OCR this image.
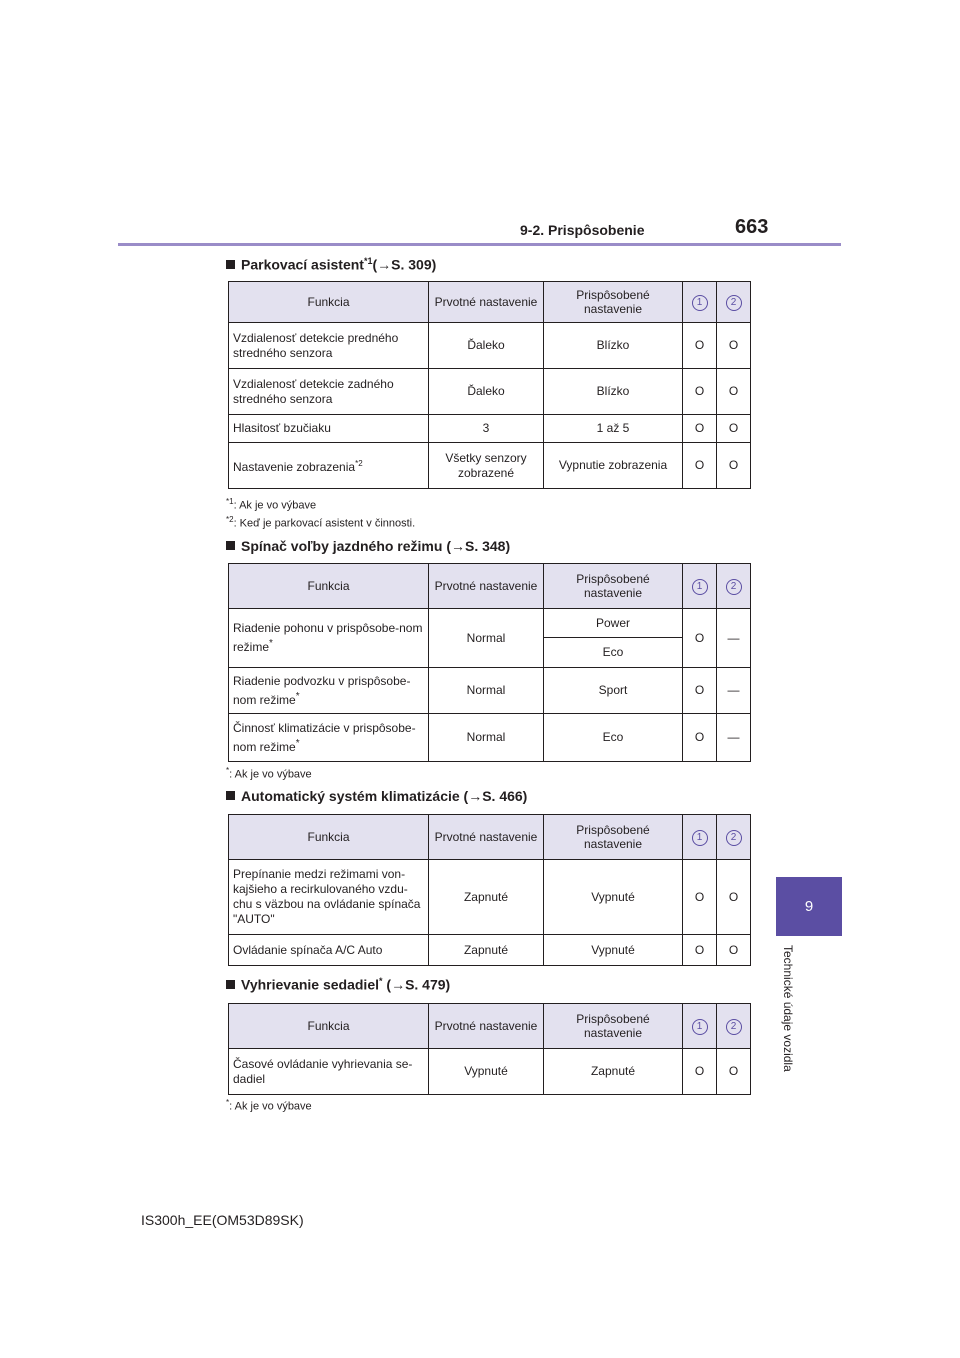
9-2. Prispôsobenie	663
9
Technické údaje vozidla
Parkovací asistent$^{*1}$(→S. 309)
Funkcia	Prvotné nastavenie	Prispôsobené nastavenie	1	2
Vzdialenosť detekcie predného stredného senzora	Ďaleko	Blízko	O	O
Vzdialenosť detekcie zadného stredného senzora	Ďaleko	Blízko	O	O
Hlasitosť bzučiaku	3	1 až 5	O	O
Nastavenie zobrazenia$^{*2}$	Všetky senzory zobrazené	Vypnutie zobrazenia	O	O
$^{*1}$: Ak je vo výbave
$^{*2}$: Keď je parkovací asistent v činnosti.
Spínač voľby jazdného režimu (→S. 348)
Funkcia	Prvotné nastavenie	Prispôsobené nastavenie	1	2
Riadenie pohonu v prispôsobe-nom režime*	Normal	Power	O	—
		Eco		
Riadenie podvozku v prispôsobe-nom režime*	Normal	Sport	O	—
Činnosť klimatizácie v prispôsobe-nom režime*	Normal	Eco	O	—
*: Ak je vo výbave
Automatický systém klimatizácie (→S. 466)
Funkcia	Prvotné nastavenie	Prispôsobené nastavenie	1	2
Prepínanie medzi režimami von-kajšieho a recirkulovaného vzdu-chu s väzbou na ovládanie spínača "AUTO"	Zapnuté	Vypnuté	O	O
Ovládanie spínača A/C Auto	Zapnuté	Vypnuté	O	O
Vyhrievanie sedadiel* (→S. 479)
Funkcia	Prvotné nastavenie	Prispôsobené nastavenie	1	2
Časové ovládanie vyhrievania se-dadiel	Vypnuté	Zapnuté	O	O
*: Ak je vo výbave
IS300h_EE(OM53D89SK)
